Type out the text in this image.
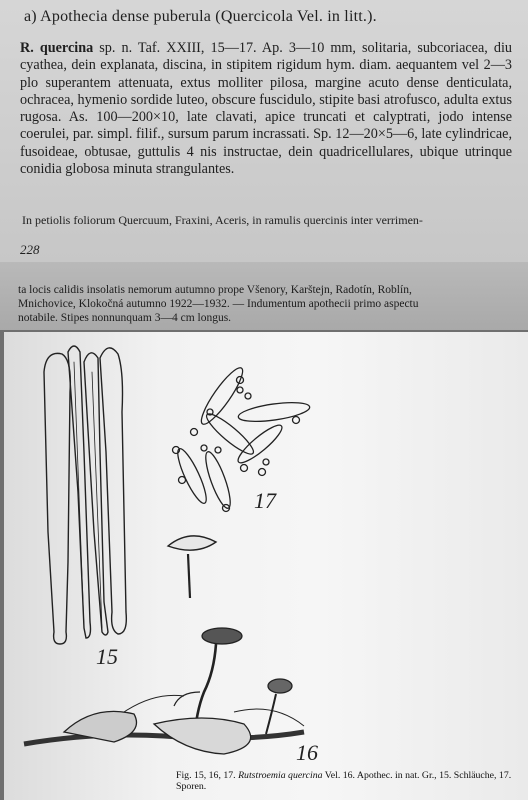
a) Apothecia dense puberula (Quercicola Vel. in litt.).
R. quercina sp. n. Taf. XXIII, 15—17. Ap. 3—10 mm, solitaria, subcoriacea, diu cyathea, dein explanata, discina, in stipitem rigidum hym. diam. aequantem vel 2—3 plo superantem attenuata, extus molliter pilosa, margine acuto dense denticulata, ochracea, hymenio sordide luteo, obscure fuscidulo, stipite basi atrofusco, adulta extus rugosa. As. 100—200×10, late clavati, apice truncati et calyptrati, jodo intense coerulei, par. simpl. filif., sursum parum incrassati. Sp. 12—20×5—6, late cylindricae, fusoideae, obtusae, guttulis 4 nis instructae, dein quadricellulares, ubique utrinque conidia globosa minuta strangulantes.
In petiolis foliorum Quercuum, Fraxini, Aceris, in ramulis quercinis inter verrimen-
228
ta locis calidis insolatis nemorum autumno prope Všenory, Karštejn, Radotín, Roblín,
Mnichovice, Klokočná autumno 1922—1932. — Indumentum apothecii primo aspectu
notabile. Stipes nonnunquam 3—4 cm longus.
15
17
16
Fig. 15, 16, 17. Rutstroemia quercina Vel. 16. Apothec. in nat. Gr., 15. Schläuche, 17. Sporen.
